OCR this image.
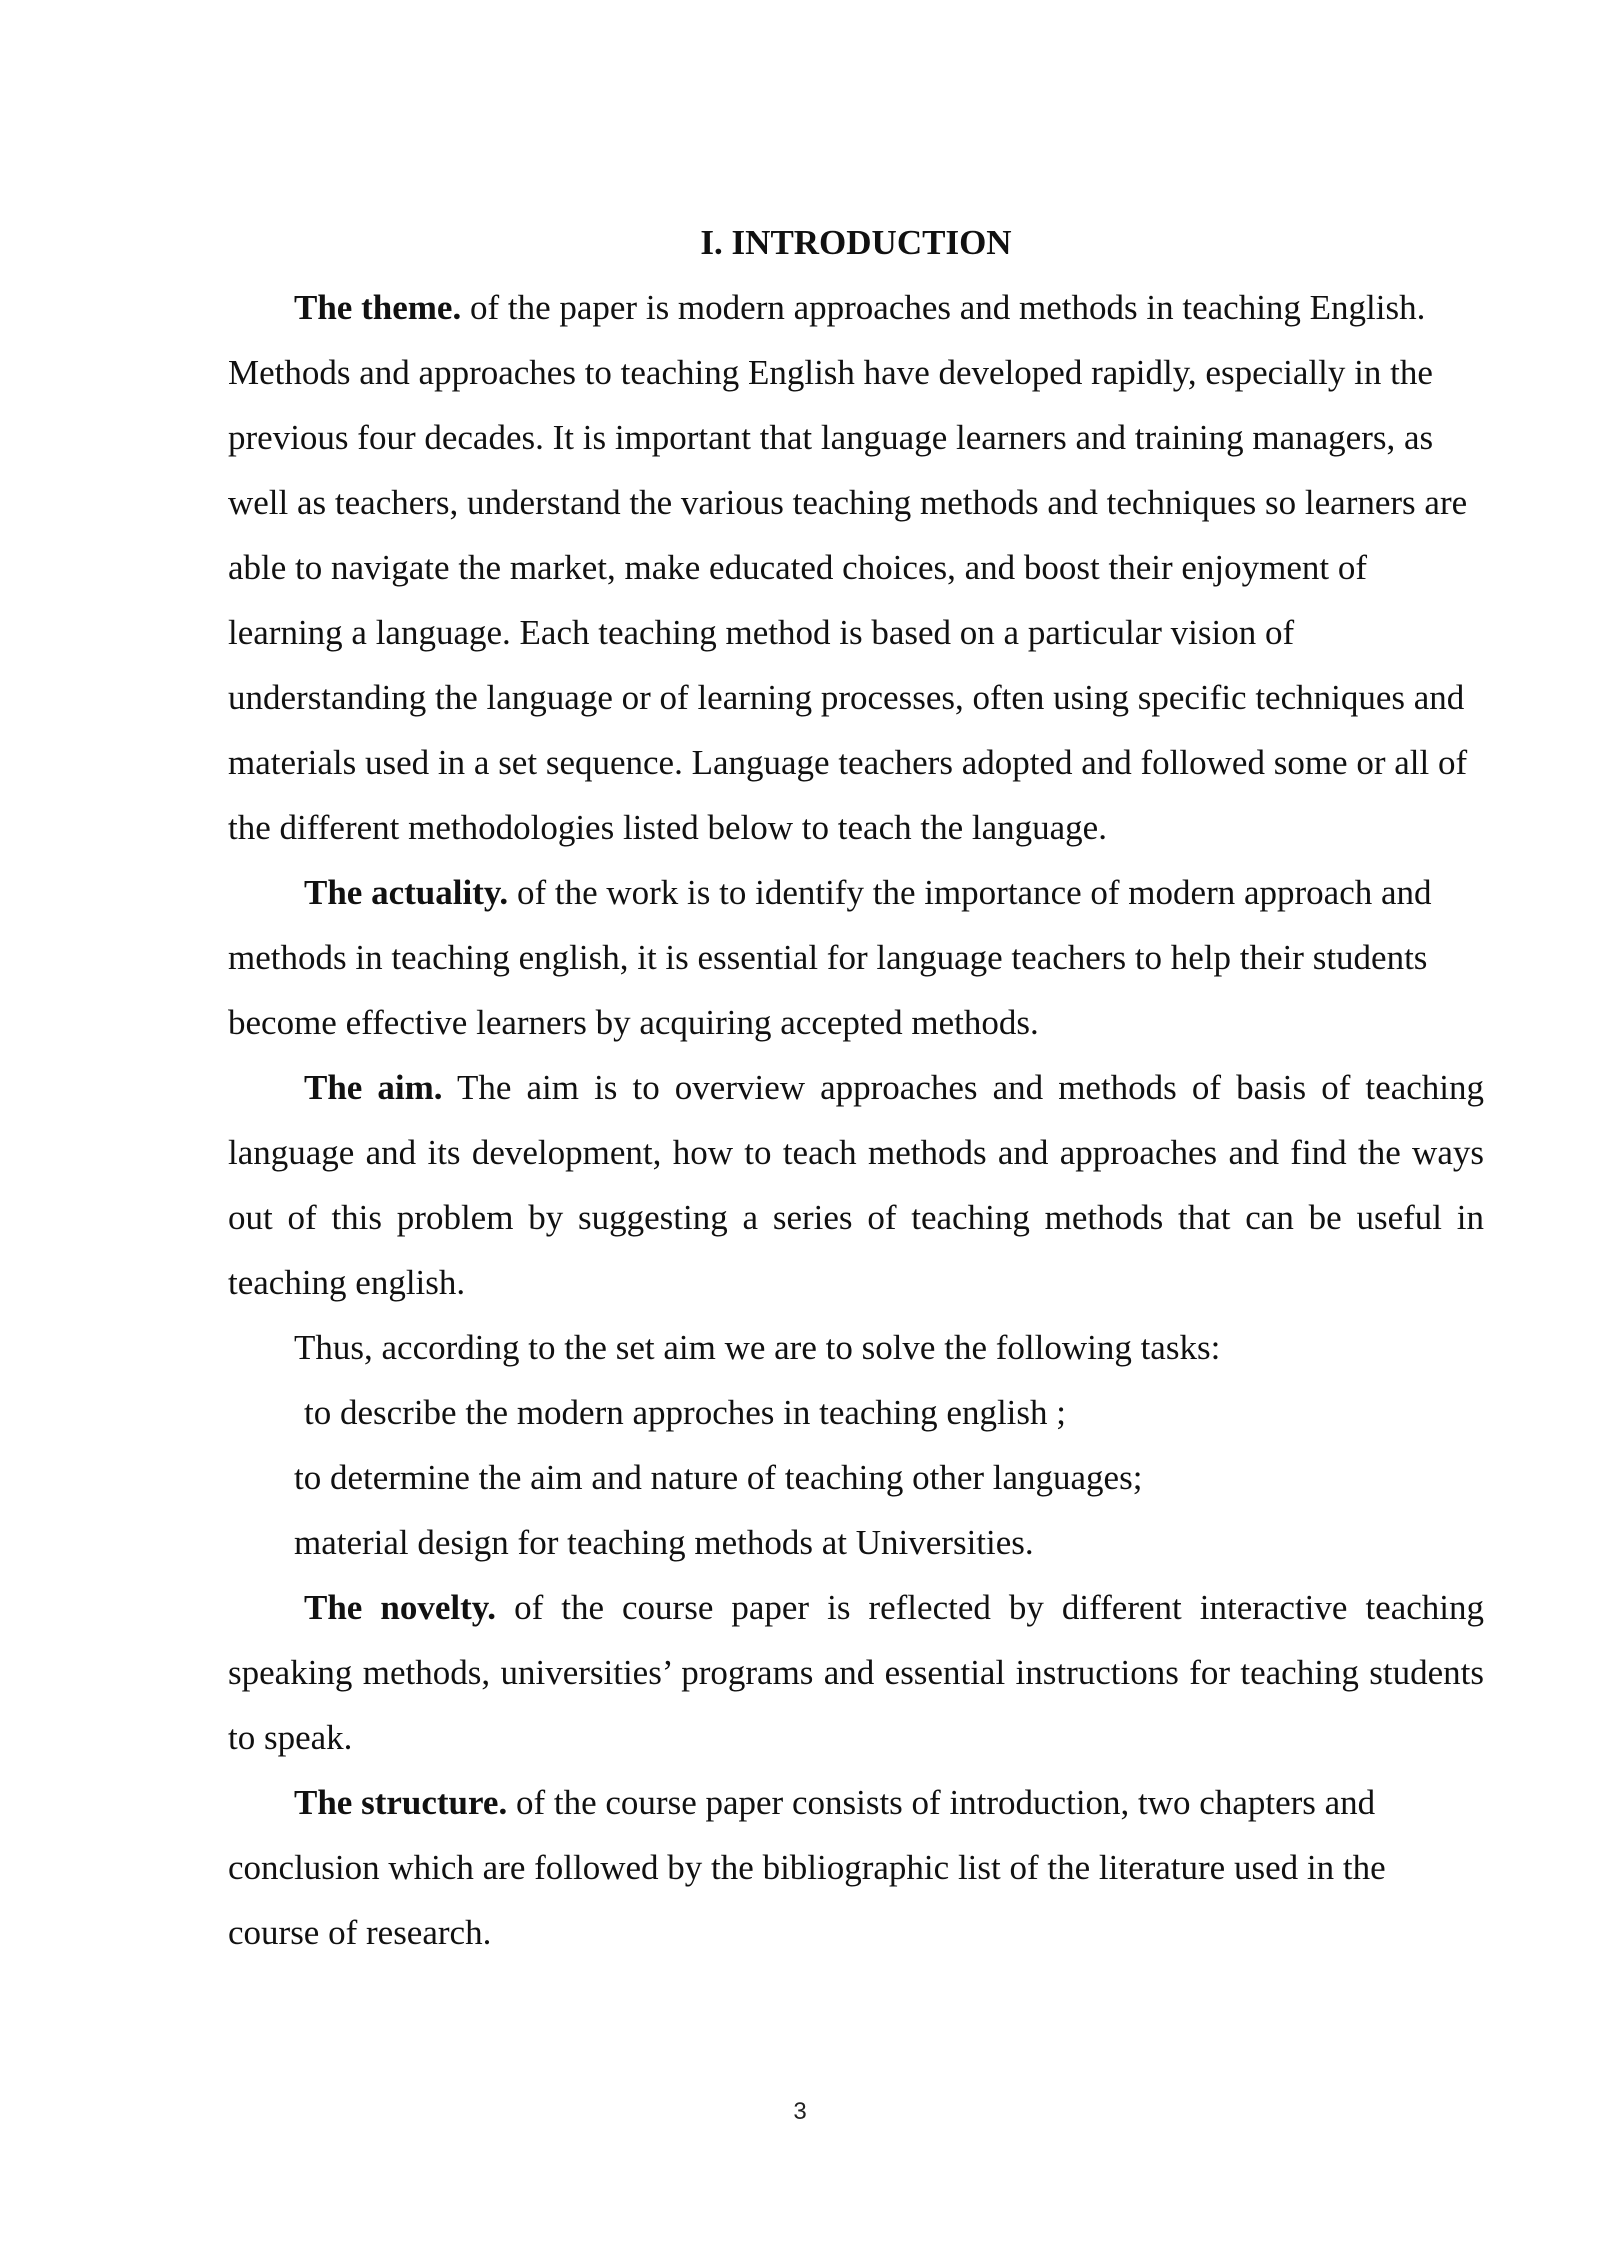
I. INTRODUCTION

The theme. of the paper is modern approaches and methods in teaching English. Methods and approaches to teaching English have developed rapidly, especially in the previous four decades. It is important that language learners and training managers, as well as teachers, understand the various teaching methods and techniques so learners are able to navigate the market, make educated choices, and boost their enjoyment of learning a language. Each teaching method is based on a particular vision of understanding the language or of learning processes, often using specific techniques and materials used in a set sequence. Language teachers adopted and followed some or all of the different methodologies listed below to teach the language.

The actuality. of the work is to identify the importance of modern approach and methods in teaching english, it is essential for language teachers to help their students become effective learners by acquiring accepted methods.

The aim. The aim is to overview approaches and methods of basis of teaching language and its development, how to teach methods and approaches and find the ways out of this problem by suggesting a series of teaching methods that can be useful in teaching english.

Thus, according to the set aim we are to solve the following tasks:

to describe the modern approches in teaching english ;

to determine the aim and nature of teaching other languages;

material design for teaching methods at Universities.

The novelty. of the course paper is reflected by different interactive teaching speaking methods, universities’ programs and essential instructions for teaching students to speak.

The structure. of the course paper consists of introduction, two chapters and conclusion which are followed by the bibliographic list of the literature used in the course of research.

3
